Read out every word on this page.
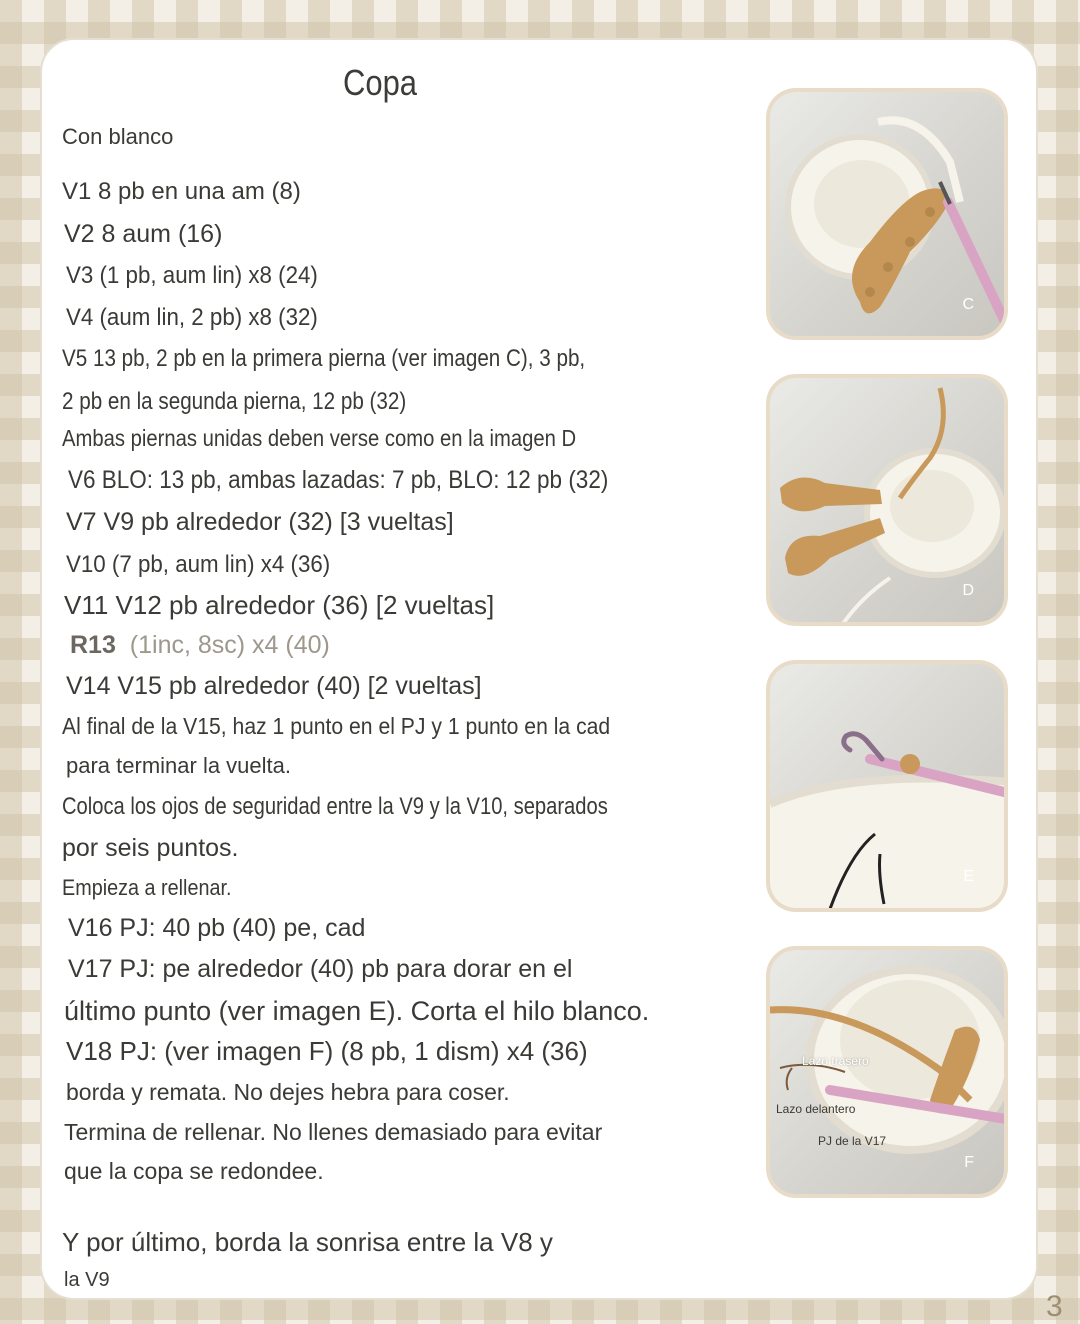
Copa
Con blanco
V1 8 pb en una am (8)
V2 8 aum (16)
V3 (1 pb, aum lin) x8 (24)
V4 (aum lin, 2 pb) x8 (32)
V5 13 pb, 2 pb en la primera pierna (ver imagen C), 3 pb,
2 pb en la segunda pierna, 12 pb (32)
Ambas piernas unidas deben verse como en la imagen D
V6 BLO: 13 pb, ambas lazadas: 7 pb, BLO: 12 pb (32)
V7 V9 pb alrededor (32) [3 vueltas]
V10 (7 pb, aum lin) x4 (36)
V11 V12 pb alrededor (36) [2 vueltas]
R13 (1inc, 8sc) x4 (40)
V14 V15 pb alrededor (40) [2 vueltas]
Al final de la V15, haz 1 punto en el PJ y 1 punto en la cad
para terminar la vuelta.
Coloca los ojos de seguridad entre la V9 y la V10, separados
por seis puntos.
Empieza a rellenar.
V16 PJ: 40 pb (40) pe, cad
V17 PJ: pe alrededor (40) pb para dorar en el
último punto (ver imagen E). Corta el hilo blanco.
V18 PJ: (ver imagen F) (8 pb, 1 dism) x4 (36)
borda y remata. No dejes hebra para coser.
Termina de rellenar. No llenes demasiado para evitar
que la copa se redondee.
Y por último, borda la sonrisa entre la V8 y
la V9
C
D
E
Lazo trasero
Lazo delantero
PJ de la V17
F
3
